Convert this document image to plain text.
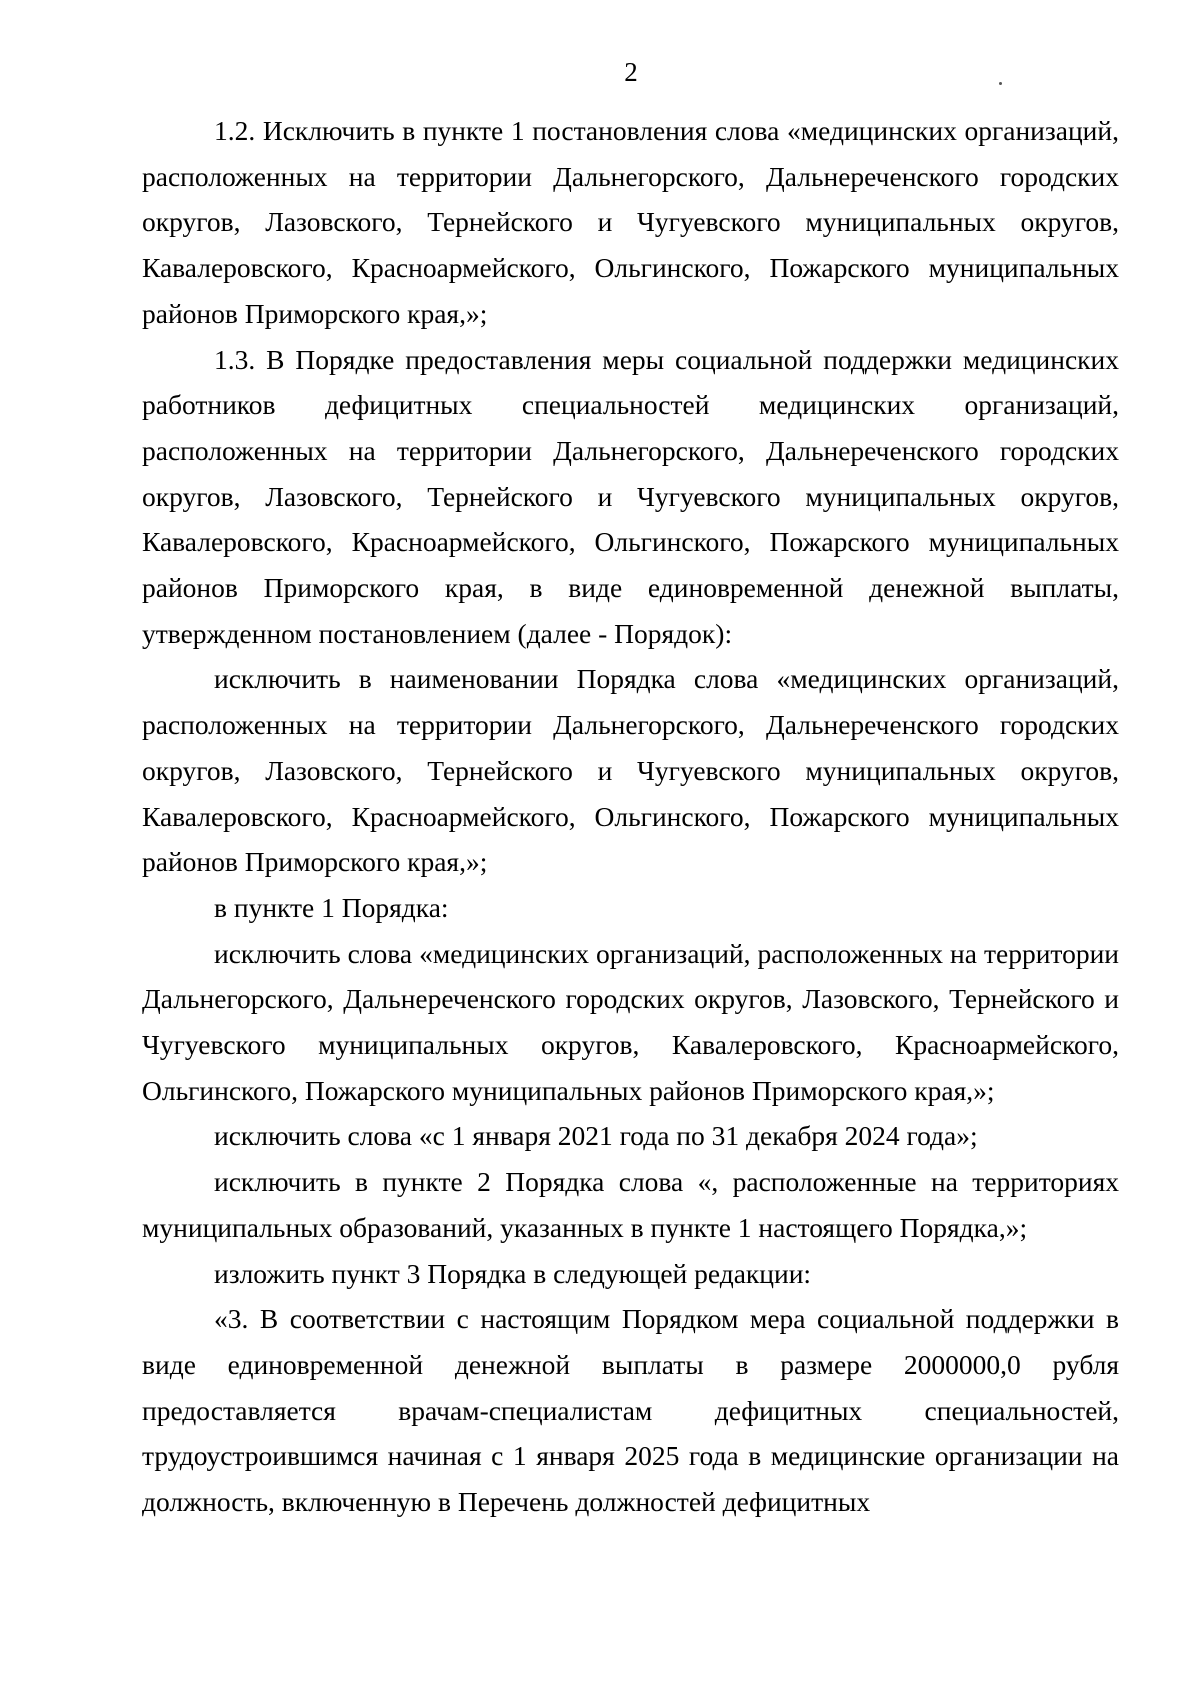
2

1.2. Исключить в пункте 1 постановления слова «медицинских организаций, расположенных на территории Дальнегорского, Дальнереченского городских округов, Лазовского, Тернейского и Чугуевского муниципальных округов, Кавалеровского, Красноармейского, Ольгинского, Пожарского муниципальных районов Приморского края,»;

1.3. В Порядке предоставления меры социальной поддержки медицинских работников дефицитных специальностей медицинских организаций, расположенных на территории Дальнегорского, Дальнереченского городских округов, Лазовского, Тернейского и Чугуевского муниципальных округов, Кавалеровского, Красноармейского, Ольгинского, Пожарского муниципальных районов Приморского края, в виде единовременной денежной выплаты, утвержденном постановлением (далее - Порядок):

исключить в наименовании Порядка слова «медицинских организаций, расположенных на территории Дальнегорского, Дальнереченского городских округов, Лазовского, Тернейского и Чугуевского муниципальных округов, Кавалеровского, Красноармейского, Ольгинского, Пожарского муниципальных районов Приморского края,»;

в пункте 1 Порядка:

исключить слова «медицинских организаций, расположенных на территории Дальнегорского, Дальнереченского городских округов, Лазовского, Тернейского и Чугуевского муниципальных округов, Кавалеровского, Красноармейского, Ольгинского, Пожарского муниципальных районов Приморского края,»;

исключить слова «с 1 января 2021 года по 31 декабря 2024 года»;

исключить в пункте 2 Порядка слова «, расположенные на территориях муниципальных образований, указанных в пункте 1 настоящего Порядка,»;

изложить пункт 3 Порядка в следующей редакции:

«3. В соответствии с настоящим Порядком мера социальной поддержки в виде единовременной денежной выплаты в размере 2000000,0 рубля предоставляется врачам-специалистам дефицитных специальностей, трудоустроившимся начиная с 1 января 2025 года в медицинские организации на должность, включенную в Перечень должностей дефицитных
